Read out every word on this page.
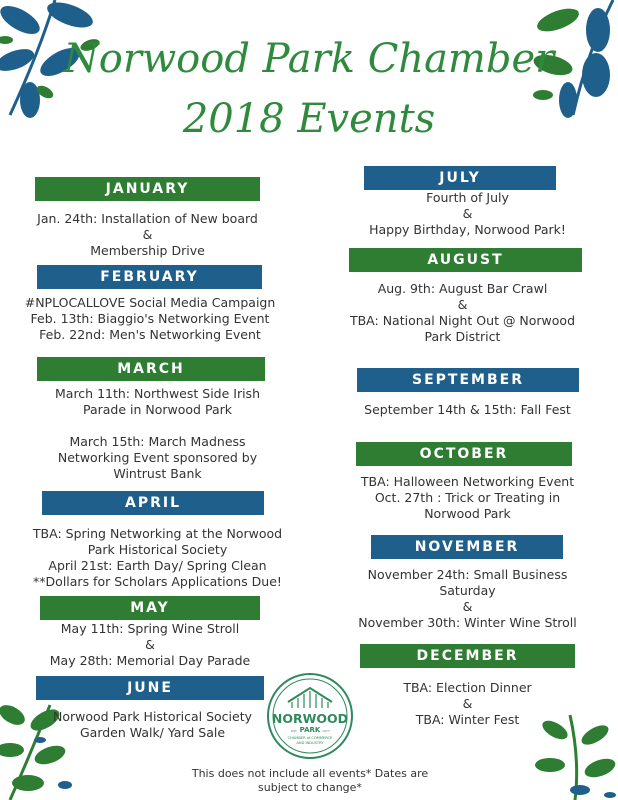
Norwood Park Chamber
2018 Events
JANUARY
Jan. 24th: Installation of New board
&
Membership Drive
FEBRUARY
#NPLOCALLOVE Social Media Campaign
Feb. 13th: Biaggio's Networking Event
Feb. 22nd: Men's Networking Event
MARCH
March 11th: Northwest Side Irish
Parade in Norwood Park
March 15th: March Madness
Networking Event sponsored by
Wintrust Bank
APRIL
TBA: Spring Networking at the Norwood
Park Historical Society
April 21st: Earth Day/ Spring Clean
**Dollars for Scholars Applications Due!
MAY
May 11th: Spring Wine Stroll
&
May 28th: Memorial Day Parade
JUNE
Norwood Park Historical Society
Garden Walk/ Yard Sale
JULY
Fourth of July
&
Happy Birthday, Norwood Park!
AUGUST
Aug. 9th: August Bar Crawl
&
TBA: National Night Out @ Norwood
Park District
SEPTEMBER
September 14th & 15th: Fall Fest
OCTOBER
TBA: Halloween Networking Event
Oct. 27th : Trick or Treating in
Norwood Park
NOVEMBER
November 24th: Small Business
Saturday
&
November 30th: Winter Wine Stroll
DECEMBER
TBA: Election Dinner
&
TBA: Winter Fest
NORWOOD
PARK
EST	1977
CHAMBER of COMMERCE
AND INDUSTRY
This does not include all events* Dates are
subject to change*
